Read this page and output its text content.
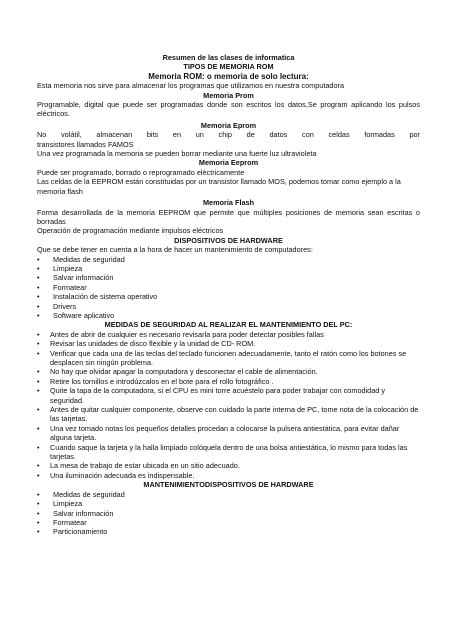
Resumen de las clases de informatica

TIPOS DE MEMORIA ROM

Memoria ROM: o memoria de solo lectura:

Esta memoria nos sirve para almacenar los programas que utilizamos en nuestra computadora

Memoria Prom

Programable, digital que puede ser programadas donde son escritos los datos,Se program aplicando los pulsos eléctricos.

Memoria Eprom

No volátil, almacenan bits en un chip de datos con celdas formadas por

transistores llamados FAMOS

Una vez programada la memoria se pueden borrar mediante una fuerte luz ultravioleta

Memoria Eeprom

Puede ser programado, borrado o reprogramado eléctricamente

Las celdas de la EEPROM están constituidas por un transistor llamado MOS, podemos tomar como ejemplo a la memoria flash

Memoria Flash

Forma desarrollada de la memoria EEPROM que permite que múltiples posiciones de memoria sean escritas o borradas

Operación de programación mediante impulsos eléctricos

DISPOSITIVOS DE HARDWARE

Que se debe tener en cuenta a la hora de hacer un mantenimiento de computadores:

• Medidas de seguridad
• Limpieza
• Salvar información
• Formatear
• Instalación de sistema operativo
• Drivers
• Software aplicativo

MEDIDAS DE SEGURIDAD AL REALIZAR EL MANTENIMIENTO DEL PC:

• Antes de abrir de cualquier es necesario revisarla para poder detectar posibles fallas
• Revisar las unidades de disco flexible y la unidad de CD- ROM.
• Verificar que cada una de las teclas del teclado funcionen adecuadamente, tanto el ratón como los botones se desplacen sin ningún problema.
• No hay que olvidar apagar la computadora y desconectar el cable de alimentación.
• Retire los tornillos e introdúzcalos en el bote para el rollo fotográfico .
• Quite la tapa de la computadora, si el CPU es mini torre acuéstelo para poder trabajar con comodidad y seguridad.
• Antes de quitar cualquier componente, observe con cuidado la parte interna de PC, tome nota de la colocación de las tarjetas.
• Una vez tomado notas los pequeños detalles procedan a colocarse la pulsera antiestática, para evitar dañar alguna tarjeta.
• Cuando saque la tarjeta y la halla limpiado colóquela dentro de una bolsa antiestática, lo mismo para todas las tarjetas.
• La mesa de trabajo de estar ubicada en un sitio adecuado.
• Una iluminación adecuada es indispensable.

MANTENIMIENTODISPOSITIVOS DE HARDWARE

• Medidas de seguridad
• Limpieza
• Salvar información
• Formatear
• Particionamiento
